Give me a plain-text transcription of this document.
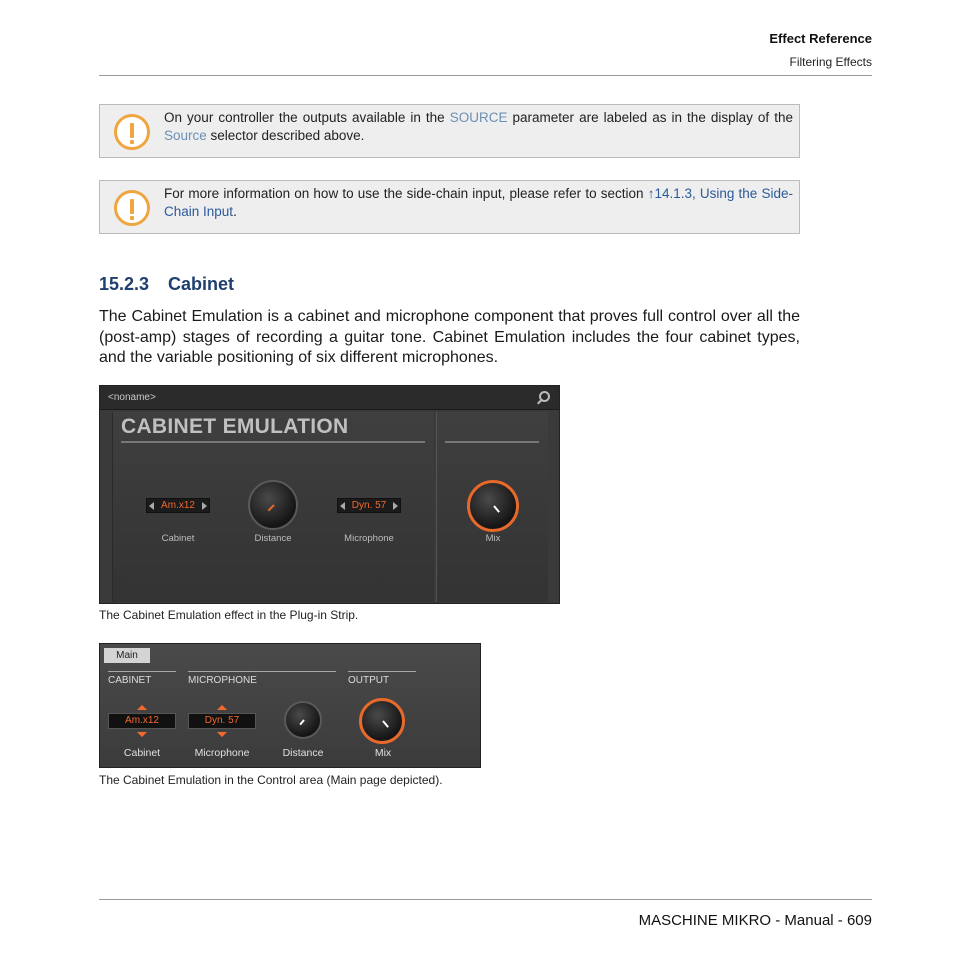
Effect Reference
Filtering Effects
On your controller the outputs available in the SOURCE parameter are labeled as in the display of the Source selector described above.
For more information on how to use the side-chain input, please refer to section ↑14.1.3, Using the Side-Chain Input.
15.2.3 Cabinet
The Cabinet Emulation is a cabinet and microphone component that proves full control over all the (post-amp) stages of recording a guitar tone. Cabinet Emulation includes the four cabinet types, and the variable positioning of six different microphones.
<noname>
CABINET EMULATION
Am.x12
Cabinet	Distance
Dyn. 57
Microphone	Mix
The Cabinet Emulation effect in the Plug-in Strip.
Main
CABINET	MICROPHONE	OUTPUT
Am.x12
Cabinet
Dyn. 57
Microphone	Distance	Mix
The Cabinet Emulation in the Control area (Main page depicted).
MASCHINE MIKRO - Manual - 609
